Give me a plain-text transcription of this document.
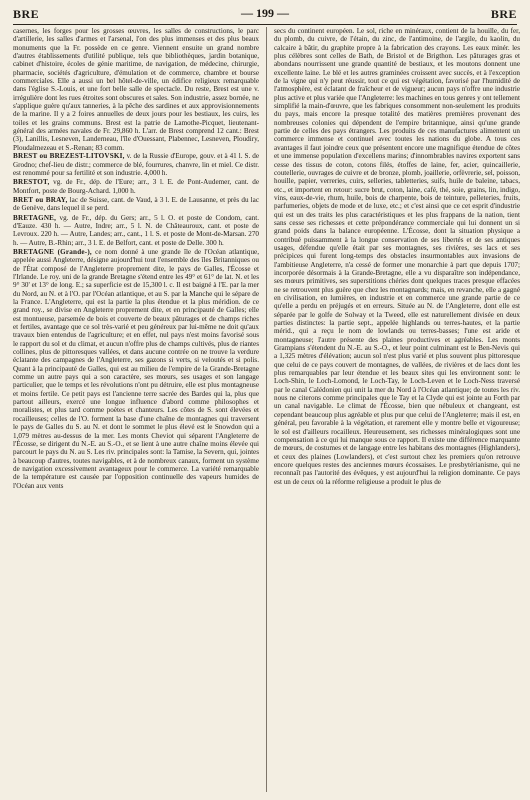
BRE	— 199 —	BRE

casernes, les forges pour les grosses œuvres, les salles de constructions, le parc d'artillerie, les salles d'armes et l'arsenal, l'on des plus immenses et des plus beaux monuments que la Fr. possède en ce genre. Viennent ensuite un grand nombre d'autres établissements d'utilité publique, tels que bibliothèques, jardin botanique, cabinet d'histoire, écoles de génie maritime, de navigation, de médecine, chirurgie, pharmacie, sociétés d'agriculture, d'émulation et de commerce, chambre et bourse commerciales. Elle a aussi un bel hôtel-de-ville, un édifice religieux remarquable dans l'église S.-Louis, et une fort belle salle de spectacle. Du reste, Brest est une v. irrégulière dont les rues étroites sont obscures et sales. Son industrie, assez bornée, ne s'applique guère qu'aux tanneries, à la pêche des sardines et aux approvisionnements de la marine. Il y a 2 foires annuelles de deux jours pour les bestiaux, les cuirs, les toiles et les grains communs. Brest est la patrie de Lamothe-Picquet, lieutenant-général des armées navales de Fr. 29,860 h. L'arr. de Brest comprend 12 cant.: Brest (3), Lanillis, Lesneven, Landerneau, l'île d'Ouessant, Plabennec, Lesneven, Ploudiry, Ploudalmezeau et S.-Renan; 83 comm.

BREST ou BREZEST-LITOVSKI, v. de la Russie d'Europe, gouv. et à 41 l. S. de Grodno; chef-lieu de distr.; commerce de blé, fourrures, chanvre, lin et miel. Ce distr. est renommé pour sa fertilité et son industrie. 4,000 h.

BRESTOT, vg. de Fr., dép. de l'Eure; arr., 3 l. E. de Pont-Audemer, cant. de Montfort, poste de Bourg-Achard. 1,000 h.

BRET ou BRAY, lac de Suisse, cant. de Vaud, à 3 l. E. de Lausanne, et près du lac de Genève, dans lequel il se perd.

BRETAGNE, vg. de Fr., dép. du Gers; arr., 5 l. O. et poste de Condom, cant. d'Eauze. 430 h. — Autre, Indre; arr., 5 l. N. de Châteauroux, cant. et poste de Levroux. 220 h. — Autre, Landes; arr., cant., 1 l. S. et poste de Mont-de-Marsan. 270 h. — Autre, B.-Rhin; arr., 3 l. E. de Belfort, cant. et poste de Delle. 300 h.

BRETAGNE (Grande-), ce nom donné à une grande île de l'Océan atlantique, appelée aussi Angleterre, désigne aujourd'hui tout l'ensemble des îles Britanniques ou de l'État composé de l'Angleterre proprement dite, le pays de Galles, l'Écosse et l'Irlande. Le roy. uni de la grande Bretagne s'étend entre les 49° et 61° de lat. N. et les 9° 30' et 13° de long. E.; sa superficie est de 15,300 l. c. Il est baigné à l'E. par la mer du Nord, au N. et à l'O. par l'Océan atlantique, et au S. par la Manche qui le sépare de la France. L'Angleterre, qui est la partie la plus étendue et la plus méridion. de ce grand roy., se divise en Angleterre proprement dite, et en principauté de Galles; elle est montueuse, parsemée de bois et couverte de beaux pâturages et de champs riches et fertiles, avantage que ce sol très-varié et peu généreux par lui-même ne doit qu'aux travaux bien entendus de l'agriculture; et en effet, nul pays n'est moins favorisé sous le rapport du sol et du climat, et aucun n'offre plus de champs cultivés, plus de riantes collines, plus de pittoresques vallées, et dans aucune contrée on ne trouve la verdure éclatante des campagnes de l'Angleterre, ses gazons si verts, si veloutés et si polis. Quant à la principauté de Galles, qui est au milieu de l'empire de la Grande-Bretagne comme un autre pays qui a son caractère, ses mœurs, ses usages et son langage particulier, que le temps et les révolutions n'ont pu détruire, elle est plus montagneuse et moins fertile. Ce petit pays est l'ancienne terre sacrée des Bardes qui la, plus que partout ailleurs, exercé une longue influence d'abord comme philosophes et moralistes, et plus tard comme poètes et chanteurs. Les côtes de S. sont élevées et rocailleuses; celles de l'O. forment la base d'une chaîne de montagnes qui traversent le pays de Galles du S. au N. et dont le sommet le plus élevé est le Snowdon qui a 1,079 mètres au-dessus de la mer. Les monts Cheviot qui séparent l'Angleterre de l'Écosse, se dirigent du N.-E. au S.-O., et se lient à une autre chaîne moins élevée qui parcourt le pays du N. au S. Les riv. principales sont: la Tamise, la Severn, qui, jointes à beaucoup d'autres, toutes navigables, et à de nombreux canaux, forment un système de navigation excessivement avantageux pour le commerce. La variété remarquable de la température est causée par l'opposition continuelle des vapeurs humides de l'Océan aux vents

secs du continent européen. Le sol, riche en minéraux, contient de la houille, du fer, du plomb, du cuivre, de l'étain, du zinc, de l'antimoine, de l'argile, du kaolin, du calcaire à bâtir, du graphite propre à la fabrication des crayons. Les eaux minér. les plus célèbres sont celles de Bath, de Bristol et de Brigthon. Les pâturages gras et abondans nourrissent une grande quantité de bestiaux, et les moutons donnent une excellente laine. Le blé et les autres graminées croissent avec succès, et à l'exception de la vigne qui n'y peut réussir, tout ce qui est végétation, favorisé par l'humidité de l'atmosphère, est éclatant de fraîcheur et de vigueur; aucun pays n'offre une industrie plus active et plus variée que l'Angleterre: les machines en tous genres y ont tellement simplifié la main-d'œuvre, que les fabriques consomment non-seulement les produits du pays, mais encore la presque totalité des matières premières provenant des nombreuses colonies qui dépendent de l'empire britannique, ainsi qu'une grande partie de celles des pays étrangers. Les produits de ces manufactures alimentent un commerce immense et continuel avec toutes les nations du globe. A tous ces avantages il faut joindre ceux que présentent encore une magnifique étendue de côtes et une immense population d'excellens marins; d'innombrables navires exportent sans cesse des tissus de coton, cotons filés, étoffes de laine, fer, acier, quincaillerie, coutellerie, ouvrages de cuivre et de bronze, plomb, joaillerie, orfèvrerie, sel, poisson, houille, papier, verreries, cuirs, selleries, tabletteries, suifs, huile de baleine, tabacs, etc., et importent en retour: sucre brut, coton, laine, café, thé, soie, grains, lin, indigo, vins, eaux-de-vie, rhum, huile, bois de charpente, bois de teinture, pelleteries, fruits, parfumeries, objets de mode et de luxe, etc.; et c'est ainsi que ce cet esprit d'industrie qui est un des traits les plus caractéristiques et les plus frappans de la nation, tient sans cesse ses richesses et cette prépondérance commerciale qui lui donnent un si grand poids dans la balance européenne. L'Écosse, dont la situation physique a contribué puissamment à la longue conservation de ses libertés et de ses antiques usages, défendue qu'elle était par ses montagnes, ses rivières, ses lacs et ses précipices qui furent long-temps des obstacles insurmontables aux invasions de l'ambitieuse Angleterre, n'a cessé de former une monarchie à part que depuis 1707; incorporée désormais à la Grande-Bretagne, elle a vu disparaître son indépendance, ses mœurs primitives, ses superstitions chéries dont quelques traces presque effacées ne se retrouvent plus guère que chez les montagnards; mais, en revanche, elle a gagné en civilisation, en lumières, en industrie et en commerce une grande partie de ce qu'elle a perdu en préjugés et en erreurs. Située au N. de l'Angleterre, dont elle est séparée par le golfe de Solway et la Tweed, elle est naturellement divisée en deux parties distinctes: la partie sept., appelée highlands ou terres-hautes, et la partie mérid., qui a reçu le nom de lowlands ou terres-basses; l'une est aride et montagneuse; l'autre présente des plaines productives et agréables. Les monts Grampians s'étendent du N.-E. au S.-O., et leur point culminant est le Ben-Nevis qui a 1,325 mètres d'élévation; aucun sol n'est plus varié et plus souvent plus pittoresque que celui de ce pays couvert de montagnes, de vallées, de rivières et de lacs dont les plus remarquables par leur étendue et les beaux sites qui les environnent sont: le Loch-Shin, le Loch-Lomond, le Loch-Tay, le Loch-Leven et le Loch-Ness traversé par le canal Calédonien qui unit la mer du Nord à l'Océan atlantique; de toutes les riv. nous ne citerons comme principales que le Tay et la Clyde qui est jointe au Forth par un canal navigable. Le climat de l'Écosse, bien que nébuleux et changeant, est cependant beaucoup plus agréable et plus pur que celui de l'Angleterre; mais il est, en général, peu favorable à la végétation, et rarement elle y montre belle et vigoureuse; le sol est d'ailleurs rocailleux. Heureusement, ses richesses minéralogiques sont une compensation à ce qui lui manque sous ce rapport. Il existe une différence marquante de mœurs, de costumes et de langage entre les habitans des montagnes (Highlanders), et ceux des plaines (Lowlanders), et c'est surtout chez les premiers qu'on retrouve encore quelques restes des anciennes mœurs écossaises. Le presbytérianisme, qui ne reconnaît pas l'autorité des évêques, y est aujourd'hui la religion dominante. Ce pays est un de ceux où la réforme religieuse a produit le plus de
